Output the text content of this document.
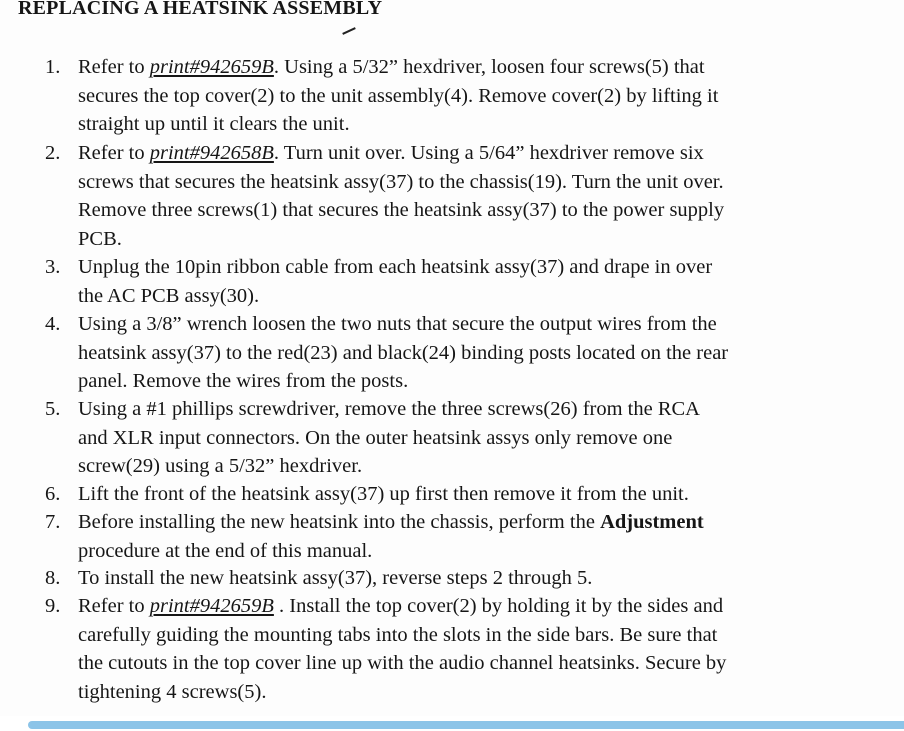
REPLACING A HEATSINK ASSEMBLY
1. Refer to print#942659B. Using a 5/32” hexdriver, loosen four screws(5) that
secures the top cover(2) to the unit assembly(4). Remove cover(2) by lifting it
straight up until it clears the unit.
2. Refer to print#942658B. Turn unit over. Using a 5/64” hexdriver remove six
screws that secures the heatsink assy(37) to the chassis(19). Turn the unit over.
Remove three screws(1) that secures the heatsink assy(37) to the power supply
PCB.
3. Unplug the 10pin ribbon cable from each heatsink assy(37) and drape in over
the AC PCB assy(30).
4. Using a 3/8” wrench loosen the two nuts that secure the output wires from the
heatsink assy(37) to the red(23) and black(24) binding posts located on the rear
panel. Remove the wires from the posts.
5. Using a #1 phillips screwdriver, remove the three screws(26) from the RCA
and XLR input connectors. On the outer heatsink assys only remove one
screw(29) using a 5/32” hexdriver.
6. Lift the front of the heatsink assy(37) up first then remove it from the unit.
7. Before installing the new heatsink into the chassis, perform the Adjustment
procedure at the end of this manual.
8. To install the new heatsink assy(37), reverse steps 2 through 5.
9. Refer to print#942659B . Install the top cover(2) by holding it by the sides and
carefully guiding the mounting tabs into the slots in the side bars. Be sure that
the cutouts in the top cover line up with the audio channel heatsinks. Secure by
tightening 4 screws(5).
